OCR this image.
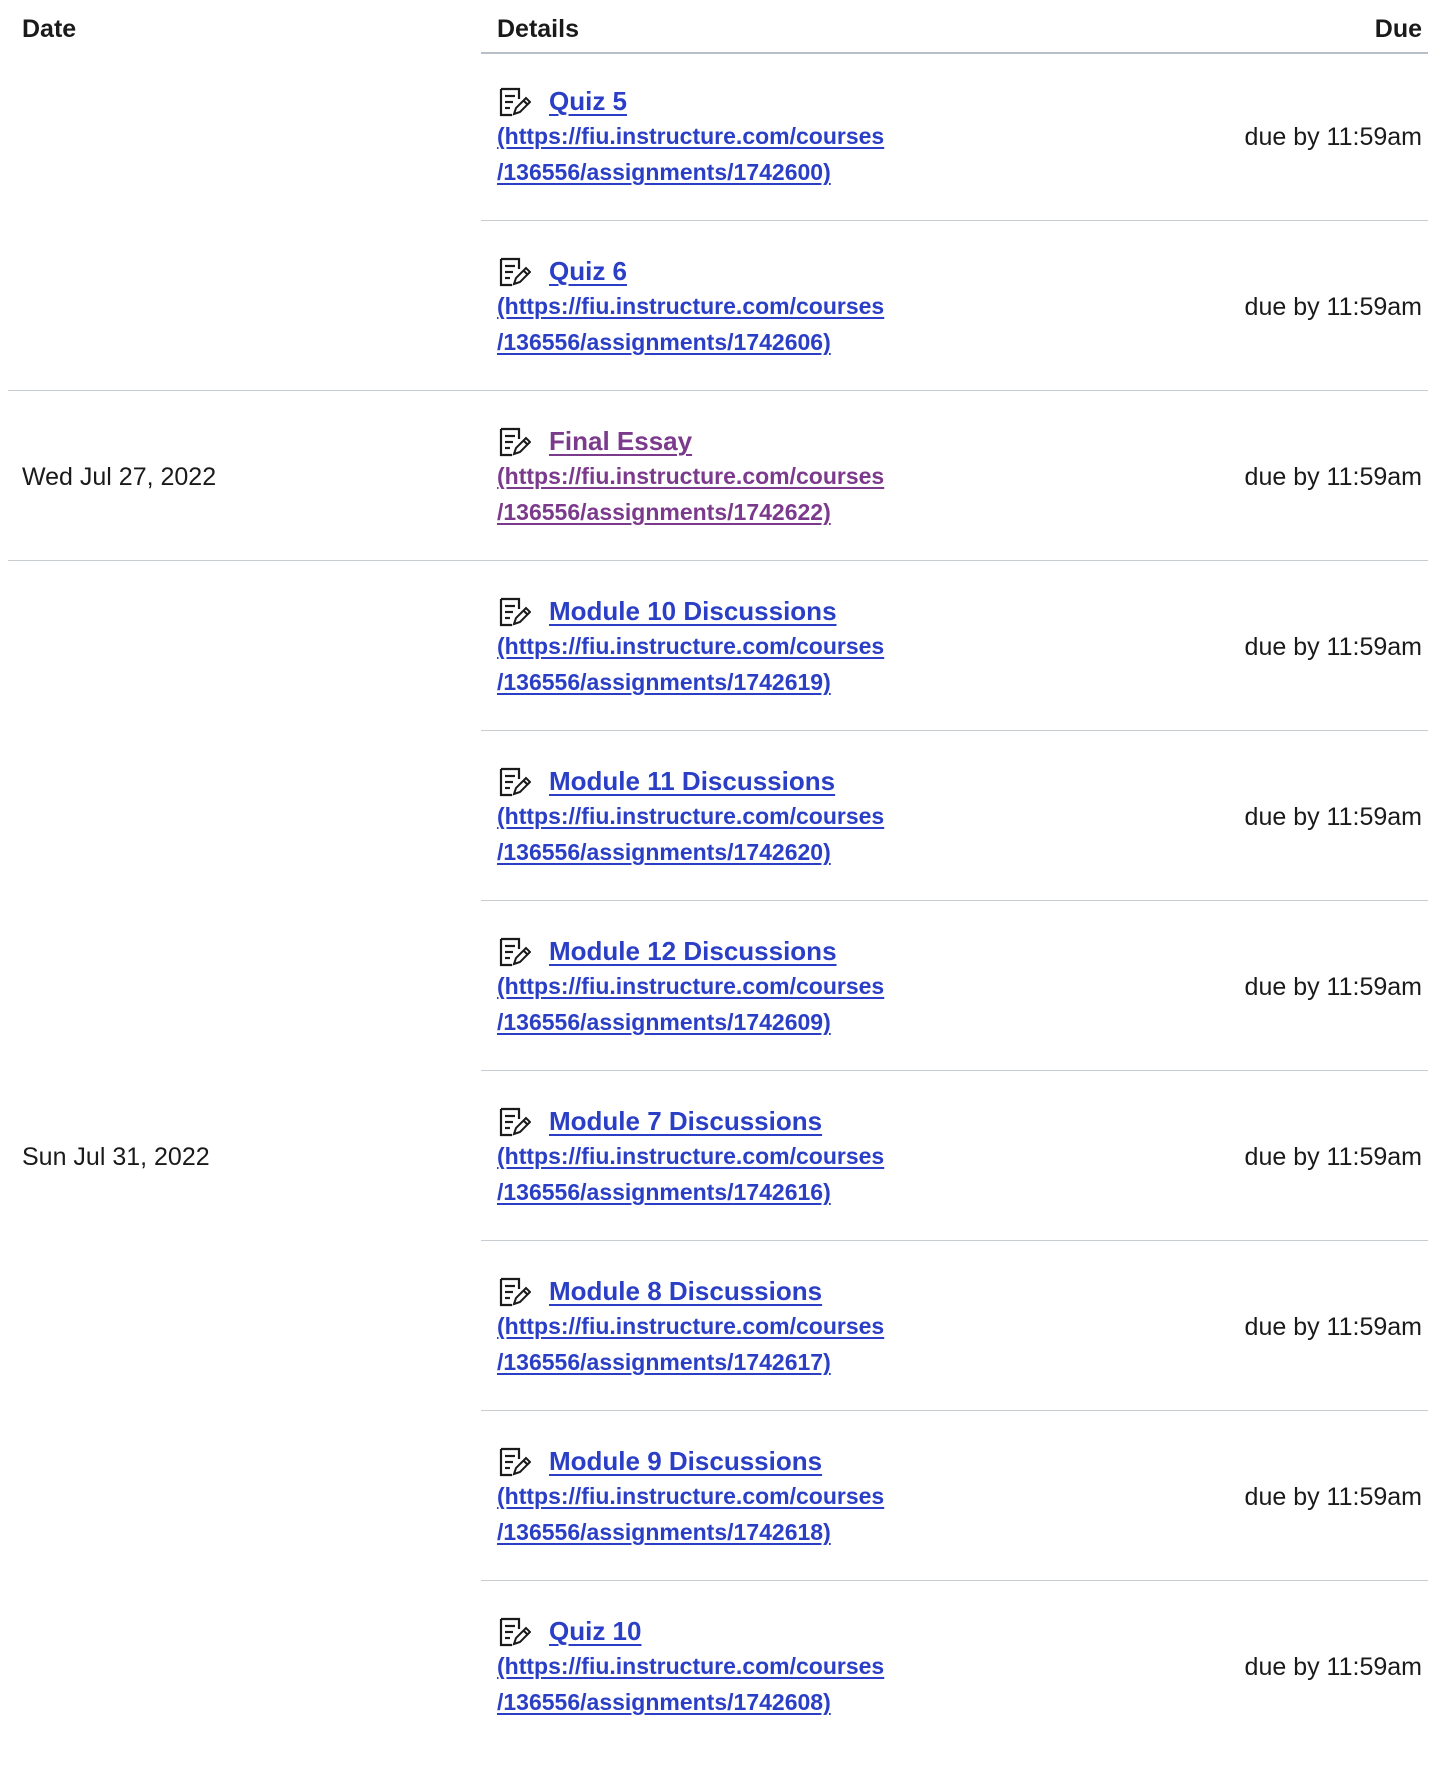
Date	Details	Due
Quiz 5
(https://fiu.instructure.com/courses
/136556/assignments/1742600)
due by 11:59am
Quiz 6
(https://fiu.instructure.com/courses
/136556/assignments/1742606)
due by 11:59am
Final Essay
(https://fiu.instructure.com/courses
/136556/assignments/1742622)
due by 11:59am
Wed Jul 27, 2022
Module 10 Discussions
(https://fiu.instructure.com/courses
/136556/assignments/1742619)
due by 11:59am
Module 11 Discussions
(https://fiu.instructure.com/courses
/136556/assignments/1742620)
due by 11:59am
Module 12 Discussions
(https://fiu.instructure.com/courses
/136556/assignments/1742609)
due by 11:59am
Module 7 Discussions
(https://fiu.instructure.com/courses
/136556/assignments/1742616)
due by 11:59am
Module 8 Discussions
(https://fiu.instructure.com/courses
/136556/assignments/1742617)
due by 11:59am
Module 9 Discussions
(https://fiu.instructure.com/courses
/136556/assignments/1742618)
due by 11:59am
Quiz 10
(https://fiu.instructure.com/courses
/136556/assignments/1742608)
due by 11:59am
Sun Jul 31, 2022
